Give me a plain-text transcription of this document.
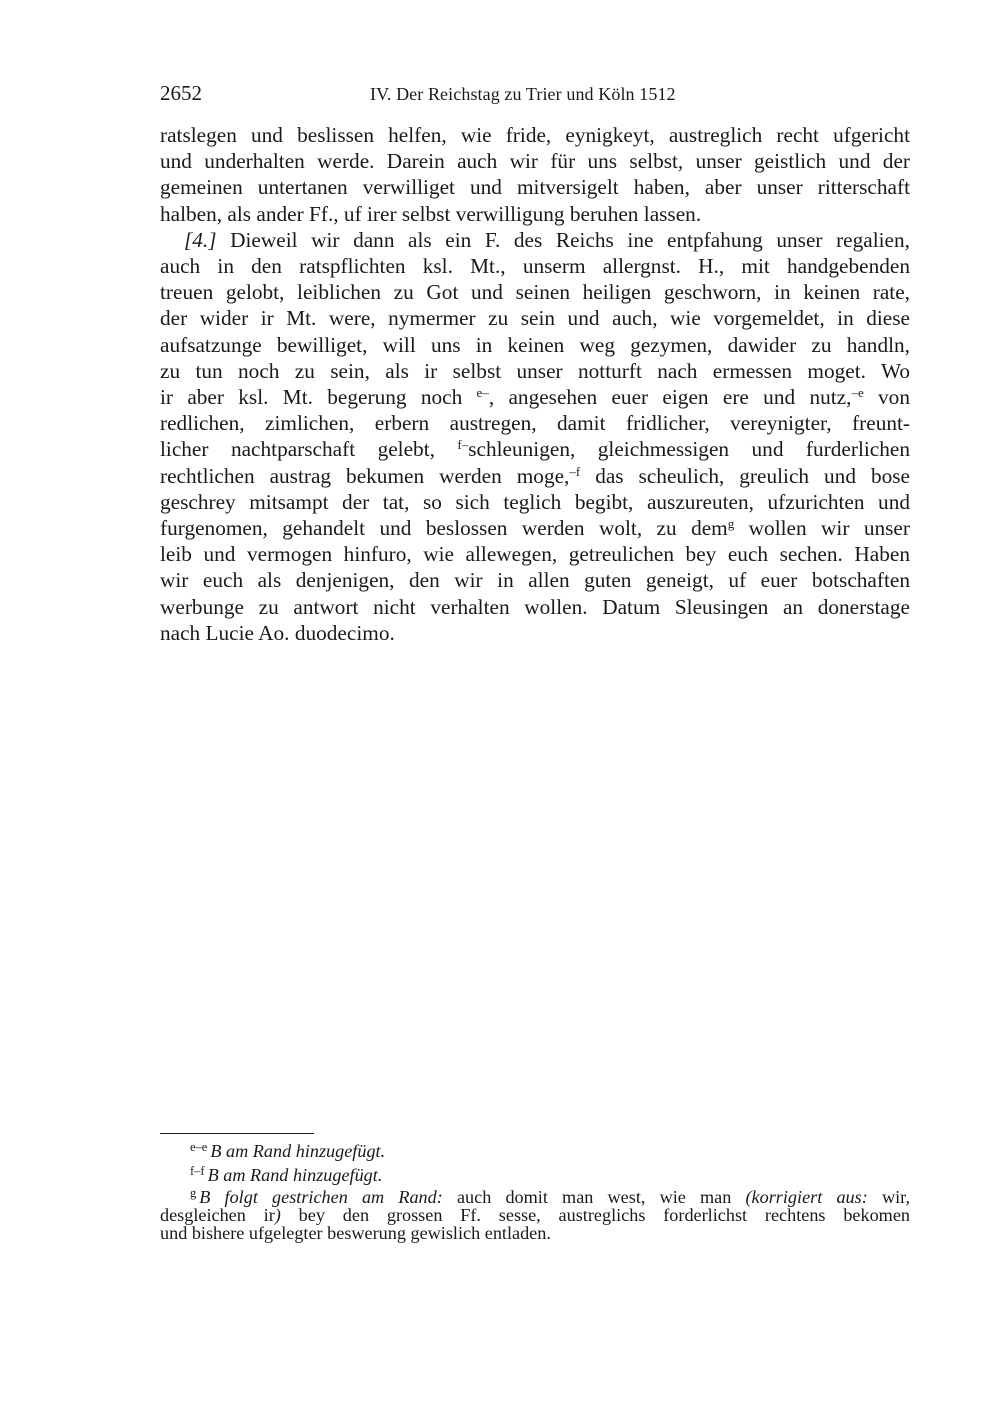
2652	IV. Der Reichstag zu Trier und Köln 1512

ratslegen und beslissen helfen, wie fride, eynigkeyt, austreglich recht ufgericht
und underhalten werde. Darein auch wir für uns selbst, unser geistlich und der
gemeinen untertanen verwilliget und mitversigelt haben, aber unser ritterschaft
halben, als ander Ff., uf irer selbst verwilligung beruhen lassen.

[4.] Dieweil wir dann als ein F. des Reichs ine entpfahung unser regalien,
auch in den ratspflichten ksl. Mt., unserm allergnst. H., mit handgebenden
treuen gelobt, leiblichen zu Got und seinen heiligen geschworn, in keinen rate,
der wider ir Mt. were, nymermer zu sein und auch, wie vorgemeldet, in diese
aufsatzunge bewilliget, will uns in keinen weg gezymen, dawider zu handln,
zu tun noch zu sein, als ir selbst unser notturft nach ermessen moget. Wo
ir aber ksl. Mt. begerung noch $^{e-}$, angesehen euer eigen ere und nutz,$^{-e}$ von
redlichen, zimlichen, erbern austregen, damit fridlicher, vereynigter, freunt-
licher nachtparschaft gelebt, $^{f-}$schleunigen, gleichmessigen und furderlichen
rechtlichen austrag bekumen werden moge,$^{-f}$ das scheulich, greulich und bose
geschrey mitsampt der tat, so sich teglich begibt, auszureuten, ufzurichten und
furgenomen, gehandelt und beslossen werden wolt, zu dem$^g$ wollen wir unser
leib und vermogen hinfuro, wie allewegen, getreulichen bey euch sechen. Haben
wir euch als denjenigen, den wir in allen guten geneigt, uf euer botschaften
werbunge zu antwort nicht verhalten wollen. Datum Sleusingen an donerstage
nach Lucie Ao. duodecimo.

$^{e-e}$ B am Rand hinzugefügt.

$^{f-f}$ B am Rand hinzugefügt.

$^g$ B folgt gestrichen am Rand: auch domit man west, wie man (korrigiert aus: wir,
desgleichen ir) bey den grossen Ff. sesse, austreglichs forderlichst rechtens bekomen
und bishere ufgelegter beswerung gewislich entladen.
